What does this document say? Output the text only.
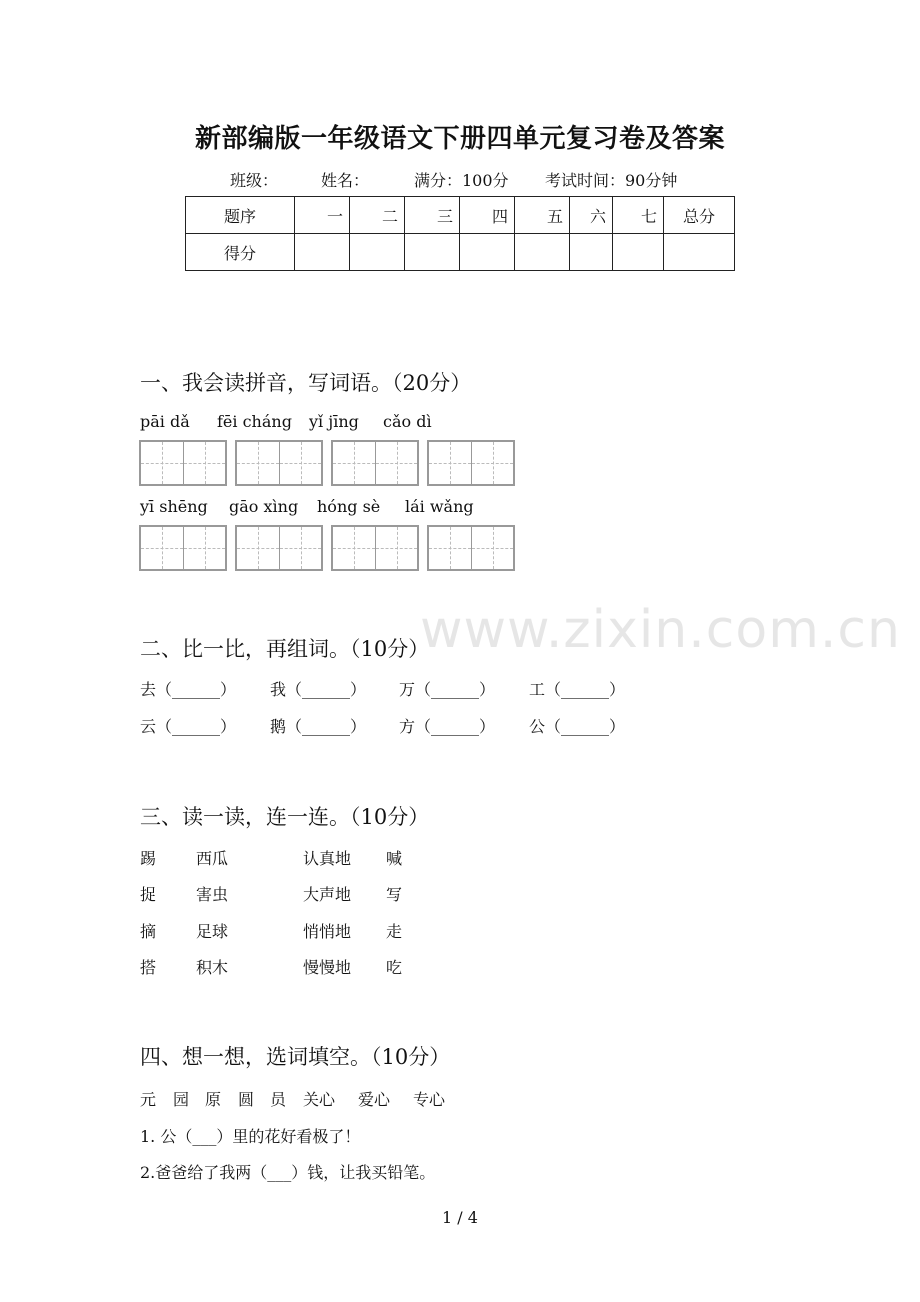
新部编版一年级语文下册四单元复习卷及答案
班级：	姓名：	满分：100分 考试时间：90分钟
题序	一	二	三	四	五	六	七	总分
得分								
一、我会读拼音，写词语。（20分）
pāi dǎ fēi cháng yǐ jīng cǎo dì
yī shēng gāo xìng hóng sè lái wǎng
www.zixin.com.cn
二、比一比，再组词。（10分）
去（______） 我（______） 万（______） 工（______）
云（______） 鹅（______） 方（______） 公（______）
三、读一读，连一连。（10分）
踢 西瓜	认真地 喊
捉 害虫	大声地 写
摘 足球	悄悄地 走
搭 积木	慢慢地 吃
四、想一想，选词填空。（10分）
元 园 原 圆 员 关心 爱心 专心
1. 公（___）里的花好看极了！
2.爸爸给了我两（___）钱，让我买铅笔。
1 / 4
